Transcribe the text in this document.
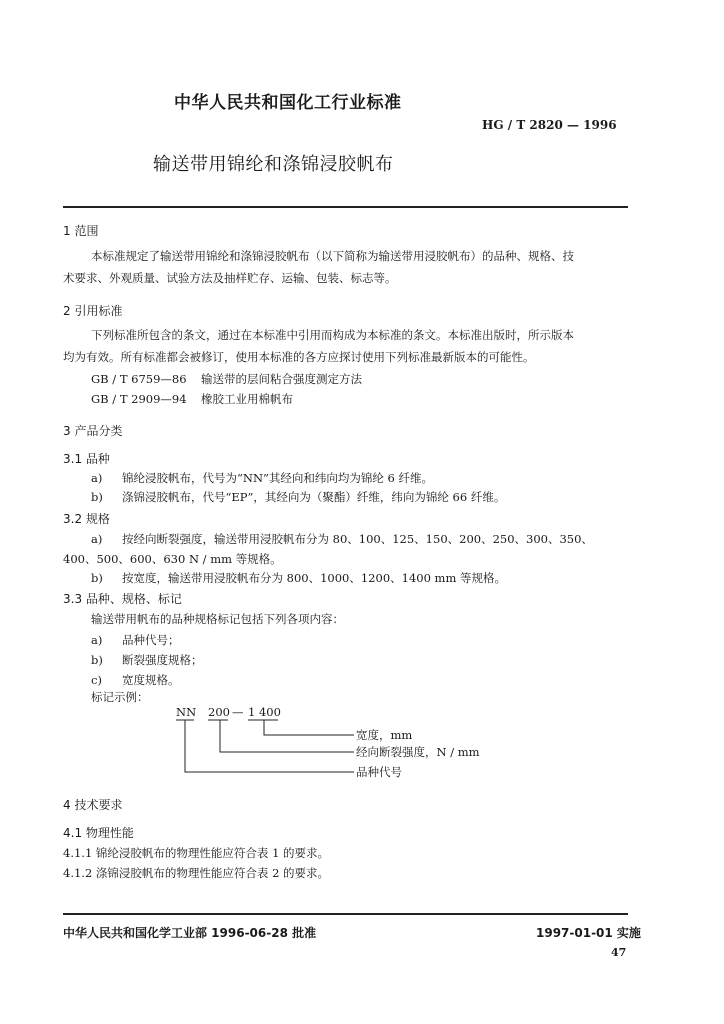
中华人民共和国化工行业标准
HG / T 2820 — 1996
输送带用锦纶和涤锦浸胶帆布
1 范围
本标准规定了输送带用锦纶和涤锦浸胶帆布（以下简称为输送带用浸胶帆布）的品种、规格、技
术要求、外观质量、试验方法及抽样贮存、运输、包装、标志等。
2 引用标准
下列标准所包含的条文，通过在本标准中引用而构成为本标准的条文。本标准出版时，所示版本
均为有效。所有标准都会被修订，使用本标准的各方应探讨使用下列标准最新版本的可能性。
GB / T 6759—86 输送带的层间粘合强度测定方法
GB / T 2909—94 橡胶工业用棉帆布
3 产品分类
3.1 品种
a) 锦纶浸胶帆布，代号为“NN”其经向和纬向均为锦纶 6 纤维。
b) 涤锦浸胶帆布，代号“EP”，其经向为（聚酯）纤维，纬向为锦纶 66 纤维。
3.2 规格
a) 按经向断裂强度，输送带用浸胶帆布分为 80、100、125、150、200、250、300、350、
400、500、600、630 N / mm 等规格。
b) 按宽度，输送带用浸胶帆布分为 800、1000、1200、1400 mm 等规格。
3.3 品种、规格、标记
输送带用帆布的品种规格标记包括下列各项内容：
a) 品种代号；
b) 断裂强度规格；
c) 宽度规格。
标记示例：
NN 200 — 1 400
宽度，mm
经向断裂强度，N / mm
品种代号
4 技术要求
4.1 物理性能
4.1.1 锦纶浸胶帆布的物理性能应符合表 1 的要求。
4.1.2 涤锦浸胶帆布的物理性能应符合表 2 的要求。
中华人民共和国化学工业部 1996-06-28 批准	1997-01-01 实施
47
